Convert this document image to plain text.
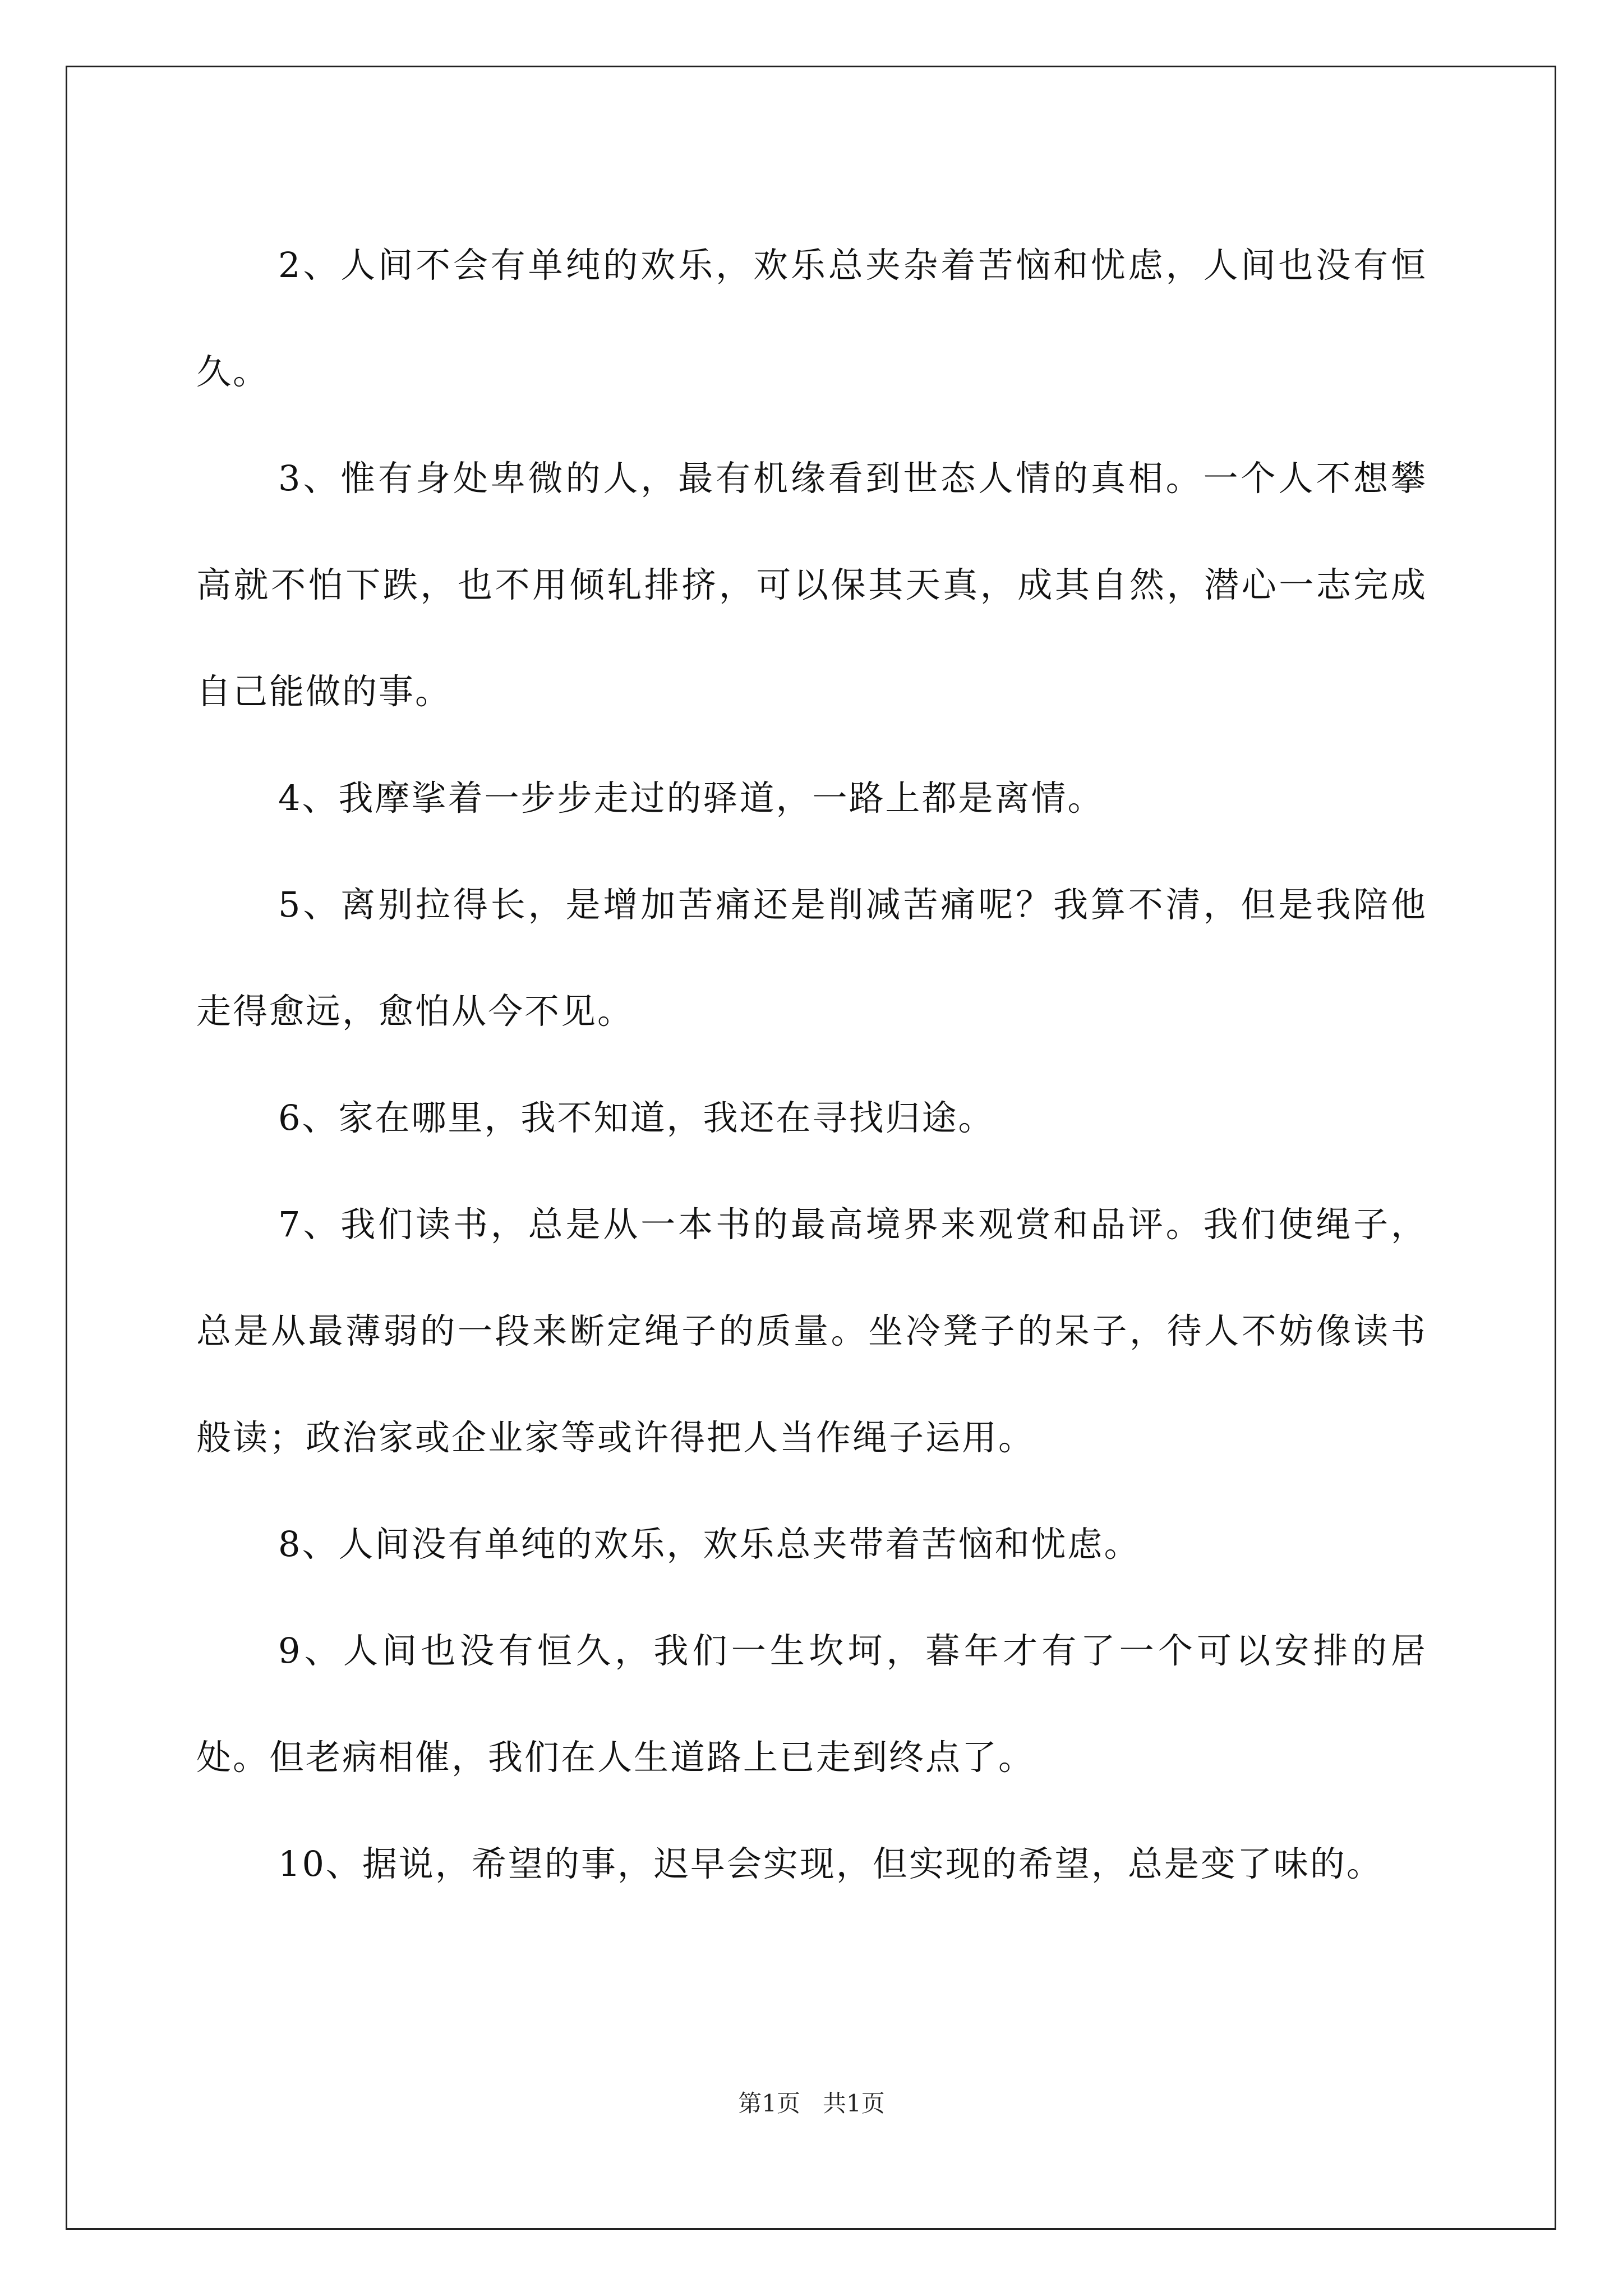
2、人间不会有单纯的欢乐，欢乐总夹杂着苦恼和忧虑，人间也没有恒久。

3、惟有身处卑微的人，最有机缘看到世态人情的真相。一个人不想攀高就不怕下跌，也不用倾轧排挤，可以保其天真，成其自然，潜心一志完成自己能做的事。

4、我摩挲着一步步走过的驿道，一路上都是离情。

5、离别拉得长，是增加苦痛还是削减苦痛呢？我算不清，但是我陪他走得愈远，愈怕从今不见。

6、家在哪里，我不知道，我还在寻找归途。

7、我们读书，总是从一本书的最高境界来观赏和品评。我们使绳子，总是从最薄弱的一段来断定绳子的质量。坐冷凳子的呆子，待人不妨像读书般读；政治家或企业家等或许得把人当作绳子运用。

8、人间没有单纯的欢乐，欢乐总夹带着苦恼和忧虑。

9、人间也没有恒久，我们一生坎坷，暮年才有了一个可以安排的居处。但老病相催，我们在人生道路上已走到终点了。

10、据说，希望的事，迟早会实现，但实现的希望，总是变了味的。

第1页 共1页
